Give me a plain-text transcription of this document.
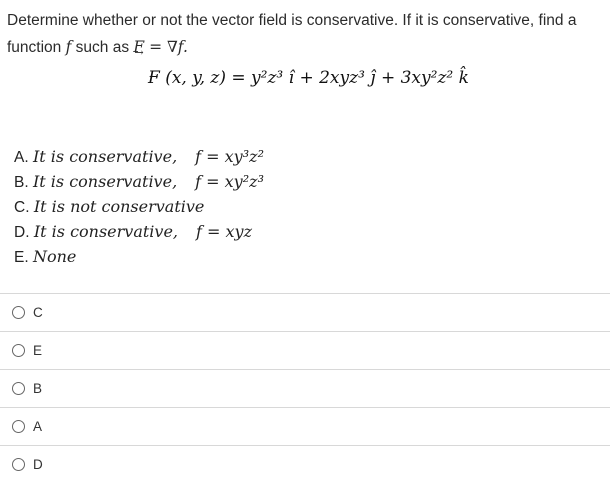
Determine whether or not the vector field is conservative. If it is conservative, find a
function f such as F = ∇f.
F (x, y, z) = y²z³ î + 2xyz³ ĵ + 3xy²z² k̂
A. It is conservative, f = xy³z²
B. It is conservative, f = xy²z³
C. It is not conservative
D. It is conservative, f = xyz
E. None
C
E
B
A
D
